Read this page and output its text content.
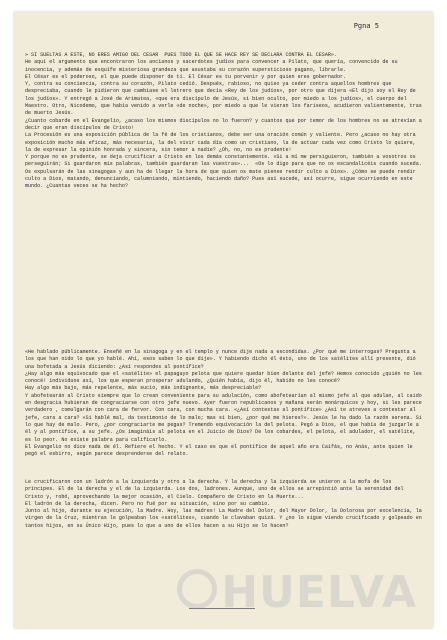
Pgna 5
» SI SUELTAS A ESTE, NO ERES AMIGO DEL CESAR  PUES TODO EL QUE SE HACE REY SE DECLARA CONTRA EL CESAR».
He aquí el argumento que encontraron los ancianos y sacerdotes judíos para convencer a Pilato, que quería, convencido de su inocencia, y además de esquife misteriosa grandeza que asustaba su corazón supersticioso pagano, librarle.
El César es el poderoso, el que puede disponer de tí. El César es tu porvenir y por quien eres gobernador.
Y, contra su conciencia, contra su corazón, Pilato cedió. Después, rabioso, no quiso ya ceder contra aquellos hombres que despreciaba, cuando le pidieron que cambiase el letrero que decía «Rey de los judíos», por otro que dijera «El dijo soy el Rey de los judíos». Y entregó a José de Arimatea, «que era discípulo de Jesús, si bien oculto, por miedo a los judíos», el cuerpo del Maestro. Otro, Nicodemo, que había venido a verle «de noche», por miedo a que le vieran los fariseos, acudieron valientemente, tras de muerto Jesús.
¿Cuanto cobarde en el Evangelio, ¿acaso los mismos discípulos no lo fueron? y cuantos que por temor de los hombres no se atrevían a decir que eran discípulos de Cristo!
La Procesión es una exposición pública de la fé de los cristianos, debe ser una oración común y valiente. Pero ¿acaso no hay otra exposición mucho más eficaz, más necesaria, la del vivir cada día como un cristiano, la de actuar cada vez como Cristo lo quiere, la de expresar la opinión honrada y sincera, sin temor a nadie? ¿Oh, no, no es prudente!
Y porque no es prudente, se deja crucificar a Cristo en los demás constantemente. «Si a mí me persiguieron, también a vosotros os perseguirán; Si guardaron mis palabras, también guardaran las vuestras»...  «Os lo digo para que no os escandalicéis cuando suceda. Os expulsarán de las sinagogas y aun ha de llegar la hora de que quien os mate piense rendir culto a Dios». ¿Cómo se puede rendir culto a Dios, matando, denunciando, calumniando, mintiendo, haciendo daño? Pues así sucede, así ocurre, sigue ocurriendo en este mundo. ¿Cuantas veces se ha hecho?
«He hablado públicamente. Enseñé en la sinagoga y en el templo y nunce dije nada a escondidas. ¿Por qué me interrogas? Pregunta a los que han oido lo que yo hablé. Ahí, esos saben lo que dije». Y habiendo dicho él ésto, uno de los satélites allí presente, dió una bofetada a Jesús diciendo: ¿Así respondes al pontífice?
¿Hay algo más equivocado que el «satélite» el papagayo pelota que quiere quedar bien delante del jefe? Hemos conocido ¿quién no les conocé! individuos así, los que esperan prosperar adulando, ¿Quién había, dijo él, habido no les conocé?
Hay algo más bajo, más repelente, más sucio, más indignante, más despreciable?
Y abofetearán al Cristo siempre que lo crean conveniente para su adulación, como abofetearían al mismo jefe al que adulan, al caido en desgracia hubieran de congraciarse con otro jefe nuevo. Ayer fueron republicanos y mañana serán monárquicos y hoy, si les parece verdadero , comulgarán con cara de fervor. Con cara, con mucha cara. «¿Así contestas al pontífice» ¿Así te atreves a contestar al jefe, cara a cara? «Si hablé mal, da testimonio de lo malo; mas si bien, ¿por qué me hieres?». Jesús le ha dado la razón serena. Si lo que hay de malo. Pero, ¿por congraciarte me pegas? Tremendo equivocación la del pelota. Pegó a Dios, el que había de juzgarle a él y al pontífice, a su jefe. ¿Os imagináis al pelota en el Juicio de Dios? De los cobardes, el pelota, el adulador, el satélite, es lo peor. No existe palabra para calificarlo.
El Evangelio no dice nada de él. Refiere el hecho. Y el caso es que el pontífice de aquel año era Caifás, no Anás, ante quien le pegó el esbirro, según parece desprenderse del relato.
Le crucificaron con un ladrón a la izquierda y otro a la derecha. Y la derecha y la izquierda se unieron a la mofa de los príncipes. El de la derecha y el de la izquierda. Los dos, ladrones. Aunque, uno de ellos se arrepintió ante la serenidad del Cristo y, robó, aprovechando la mejor ocasión, el Cielo. Compañero de Cristo en la Muerte...
El ladrón de la derecha, dicen. Pero no fué por su situación, sino por su cambio.
Junto al hijo, durante su ejecución, la Madre. Hoy, las madres! La Madre del Dolor, del Mayor Dolor, la Dolorosa por excelencia, la virgen de la Cruz, mientras le golpeaban los «satélites», cuando le clavaban quizá. Y ¿no lo sigue viendo crucificado y golpeado en tantos hijos, en su Único Hijo, pues lo que a uno de ellos hacen a su Hijo se lo hacen?
HUELVA
